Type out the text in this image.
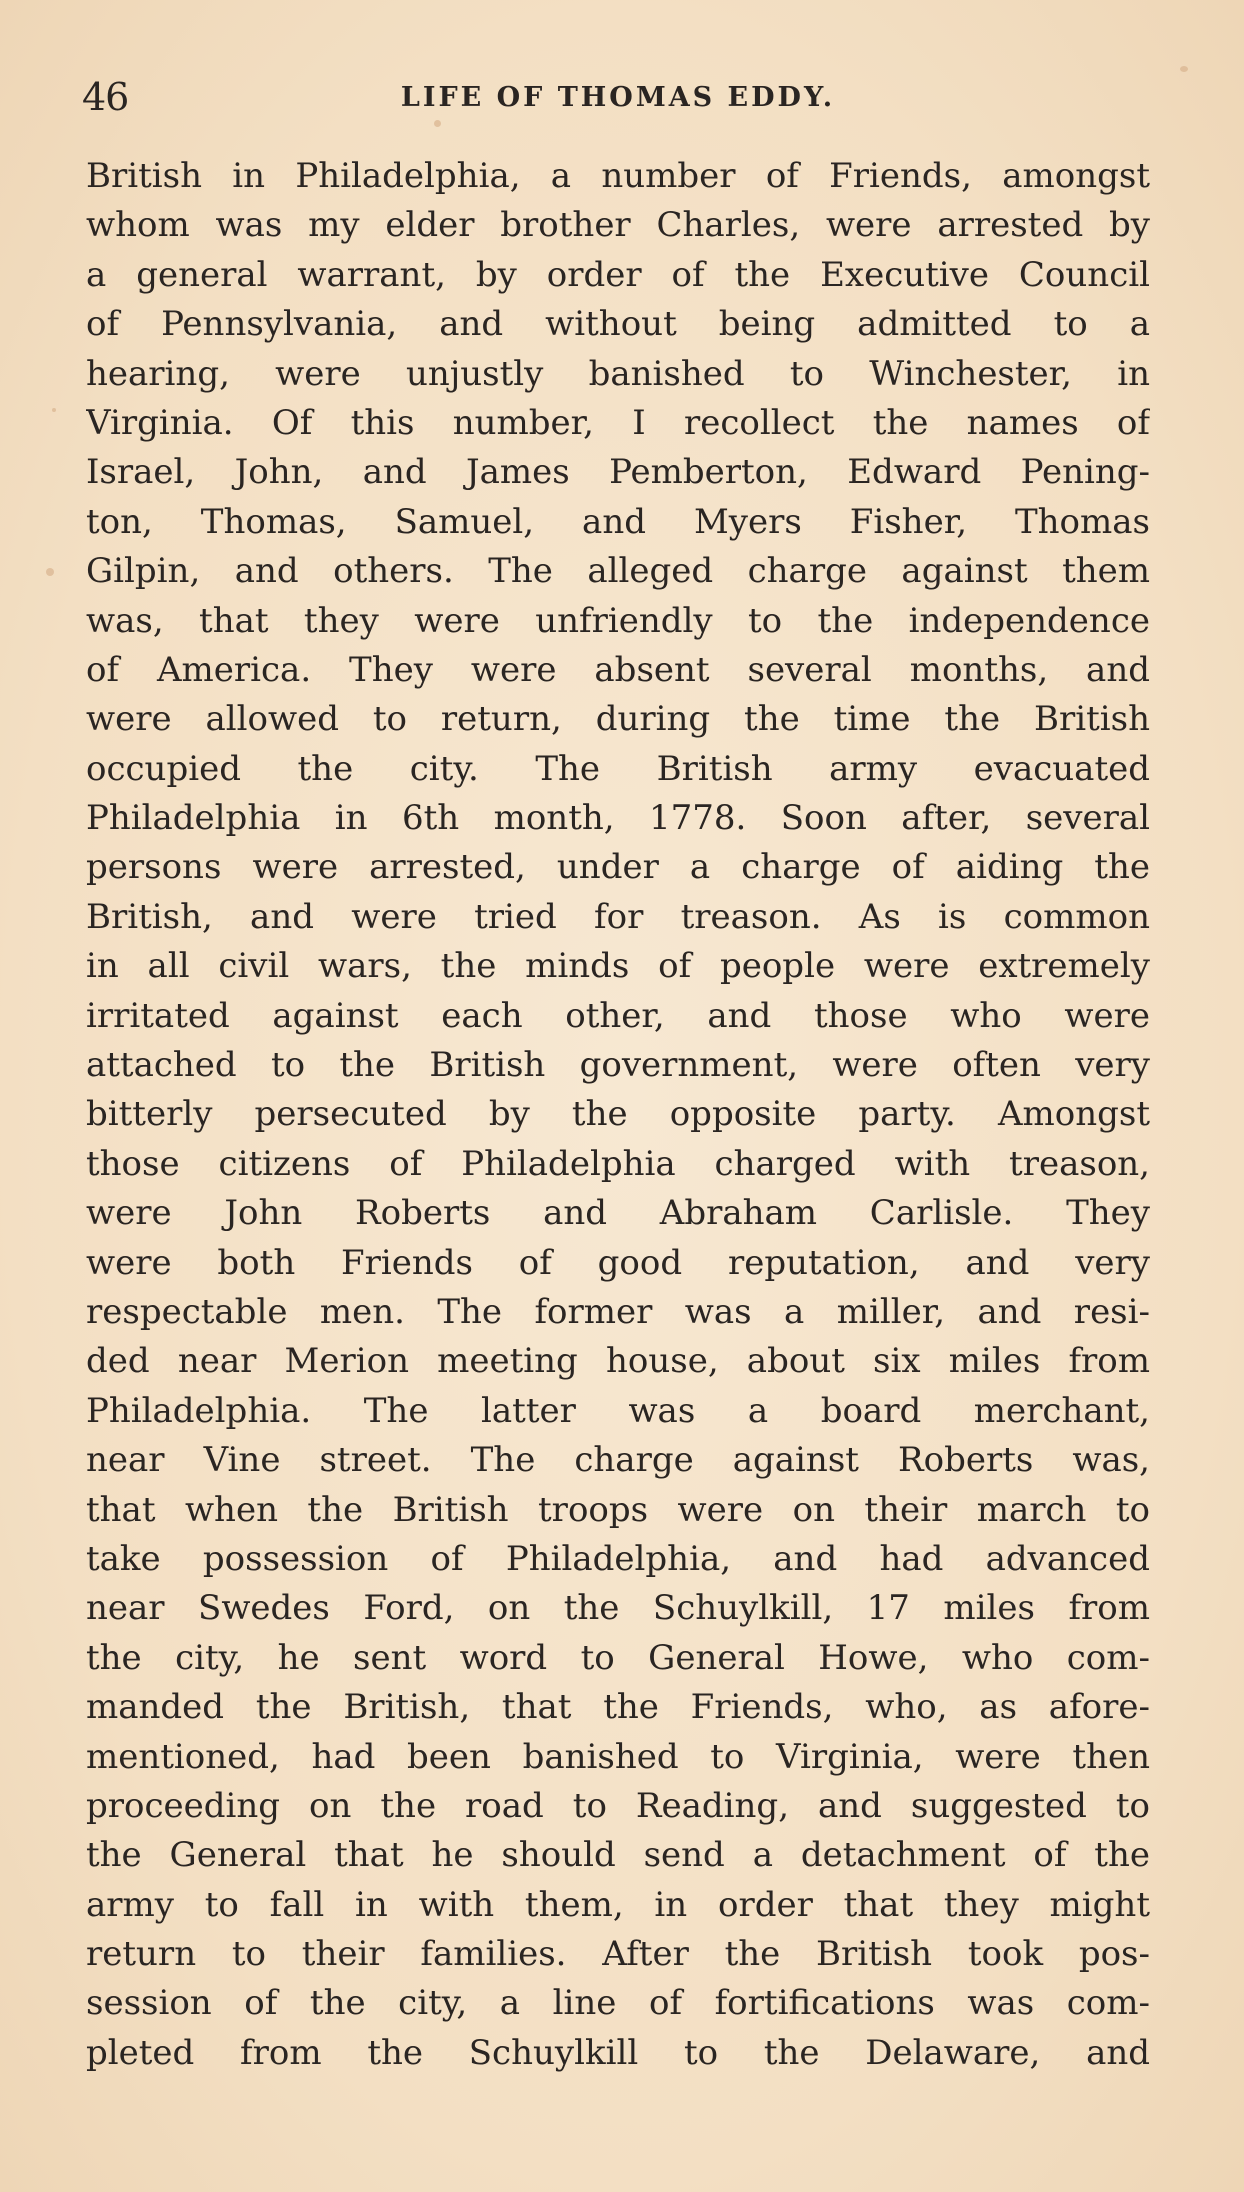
46	LIFE OF THOMAS EDDY.
British in Philadelphia, a number of Friends, amongst
whom was my elder brother Charles, were arrested by
a general warrant, by order of the Executive Council
of Pennsylvania, and without being admitted to a
hearing, were unjustly banished to Winchester, in
Virginia. Of this number, I recollect the names of
Israel, John, and James Pemberton, Edward Pening-
ton, Thomas, Samuel, and Myers Fisher, Thomas
Gilpin, and others. The alleged charge against them
was, that they were unfriendly to the independence
of America. They were absent several months, and
were allowed to return, during the time the British
occupied the city. The British army evacuated
Philadelphia in 6th month, 1778. Soon after, several
persons were arrested, under a charge of aiding the
British, and were tried for treason. As is common
in all civil wars, the minds of people were extremely
irritated against each other, and those who were
attached to the British government, were often very
bitterly persecuted by the opposite party. Amongst
those citizens of Philadelphia charged with treason,
were John Roberts and Abraham Carlisle. They
were both Friends of good reputation, and very
respectable men. The former was a miller, and resi-
ded near Merion meeting house, about six miles from
Philadelphia. The latter was a board merchant,
near Vine street. The charge against Roberts was,
that when the British troops were on their march to
take possession of Philadelphia, and had advanced
near Swedes Ford, on the Schuylkill, 17 miles from
the city, he sent word to General Howe, who com-
manded the British, that the Friends, who, as afore-
mentioned, had been banished to Virginia, were then
proceeding on the road to Reading, and suggested to
the General that he should send a detachment of the
army to fall in with them, in order that they might
return to their families. After the British took pos-
session of the city, a line of fortifications was com-
pleted from the Schuylkill to the Delaware, and
